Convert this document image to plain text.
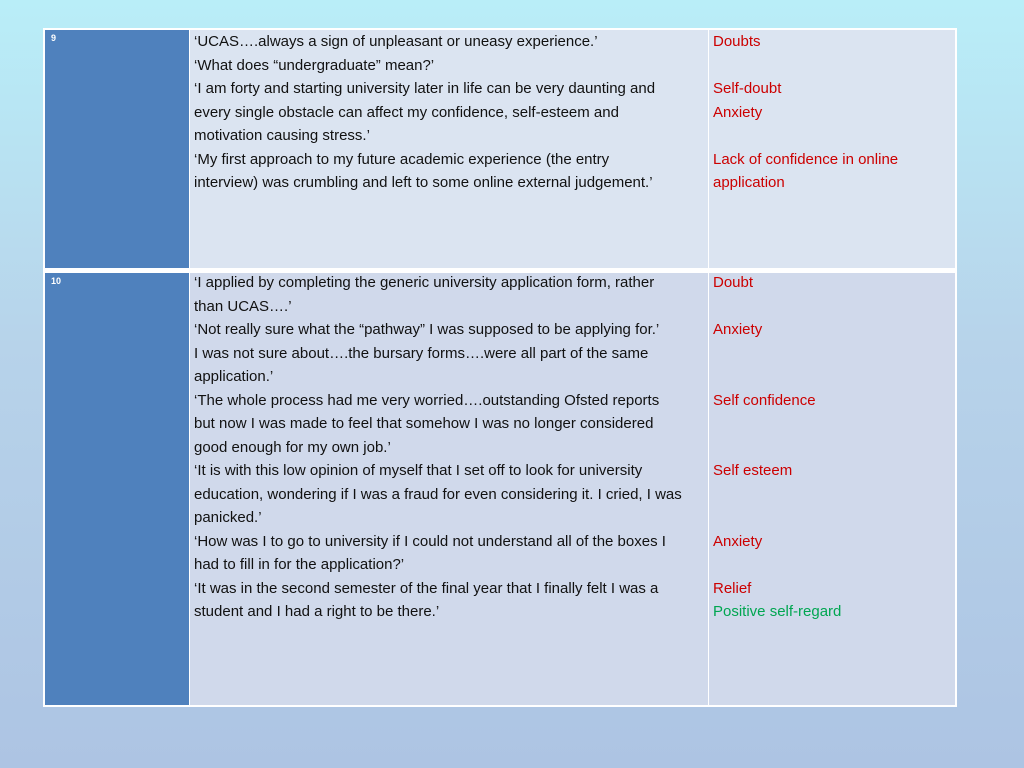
9	‘UCAS….always a sign of unpleasant or uneasy experience.’
‘What does “undergraduate” mean?’
‘I am forty and starting university later in life can be very daunting and
every single obstacle can affect my confidence, self-esteem and
motivation causing stress.’
‘My first approach to my future academic experience (the entry
interview) was crumbling and left to some online external judgement.’
Doubts
Self-doubt
Anxiety
Lack of confidence in online
application
10	‘I applied by completing the generic university application form, rather
than UCAS….’
‘Not really sure what the “pathway” I was supposed to be applying for.’
I was not sure about….the bursary forms….were all part of the same
application.’
‘The whole process had me very worried….outstanding Ofsted reports
but now I was made to feel that somehow I was no longer considered
good enough for my own job.’
‘It is with this low opinion of myself that I set off to look for university
education, wondering if I was a fraud for even considering it. I cried, I was
panicked.’
‘How was I to go to university if I could not understand all of the boxes I
had to fill in for the application?’
‘It was in the second semester of the final year that I finally felt I was a
student and I had a right to be there.’
Doubt
Anxiety
Self confidence
Self esteem
Anxiety
Relief
Positive self-regard
